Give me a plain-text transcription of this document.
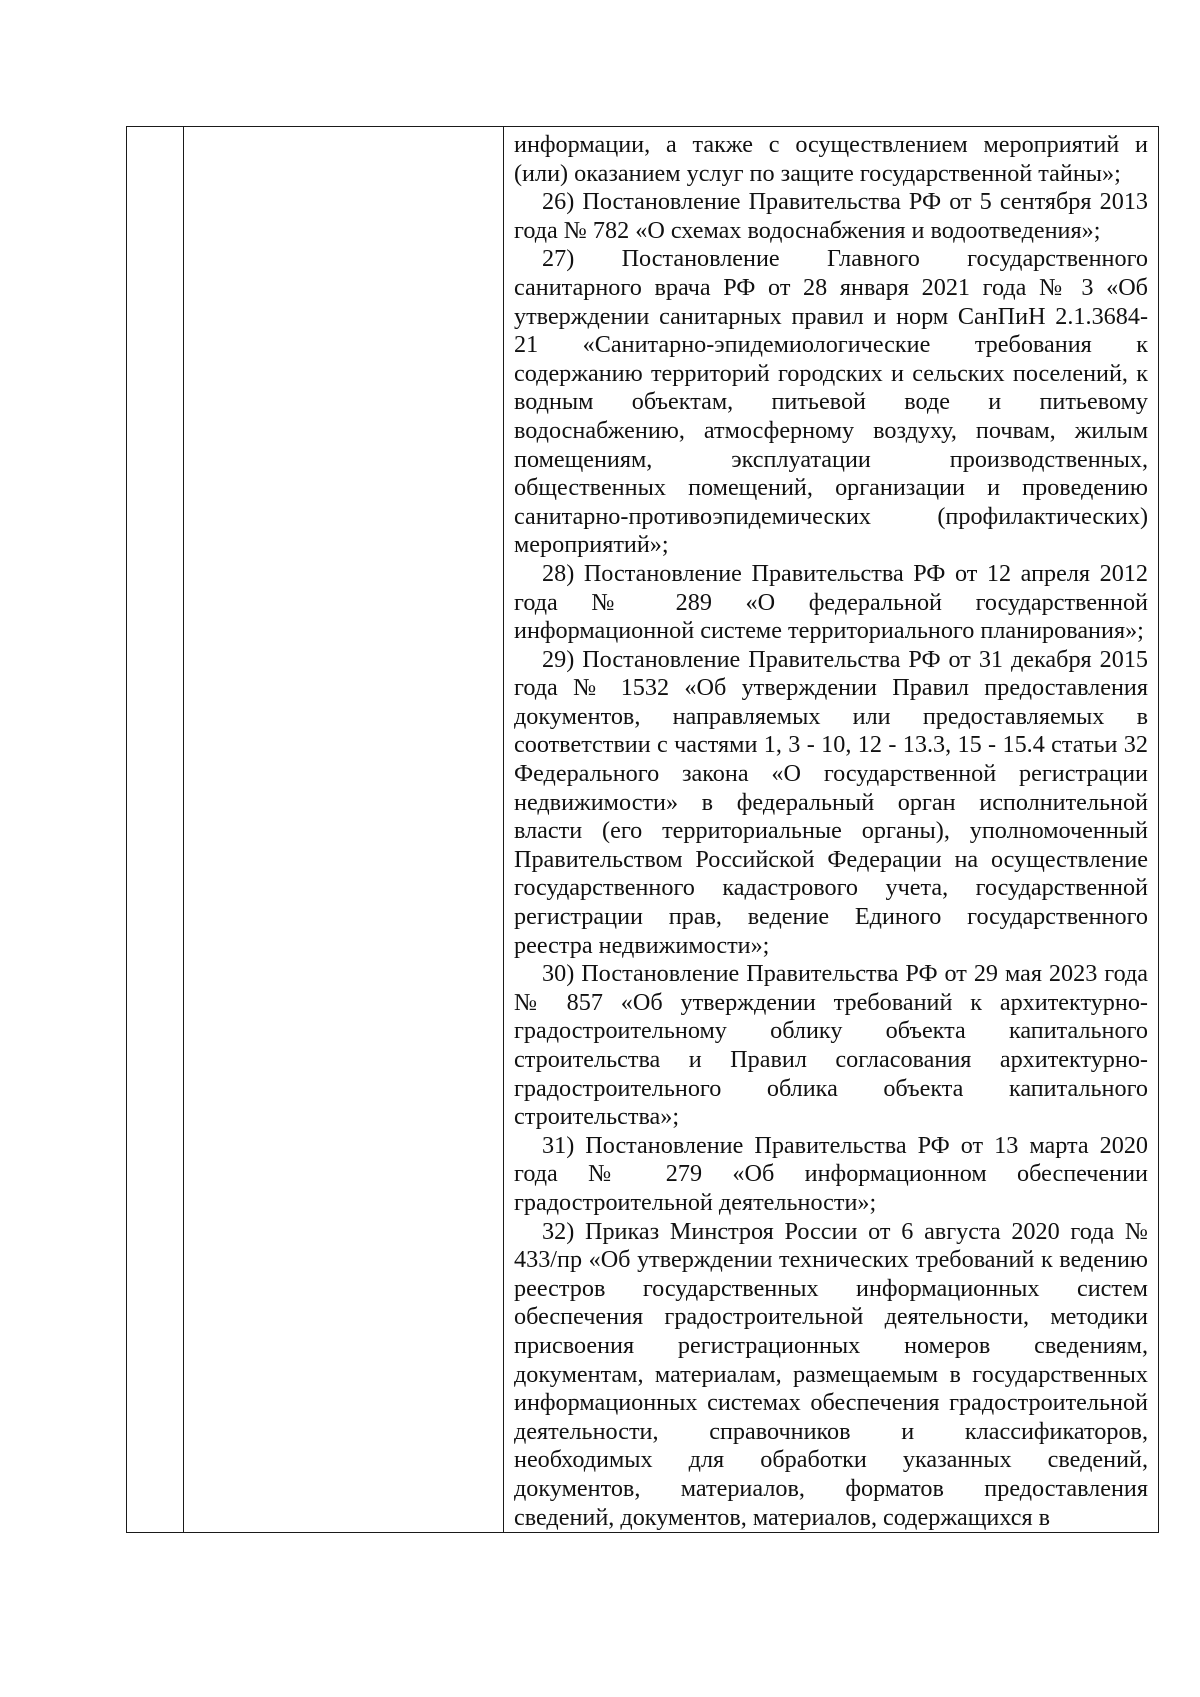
информации, а также с осуществлением мероприятий и (или) оказанием услуг по защите государственной тайны»;

26) Постановление Правительства РФ от 5 сентября 2013 года № 782 «О схемах водоснабжения и водоотведения»;

27) Постановление Главного государственного санитарного врача РФ от 28 января 2021 года № 3 «Об утверждении санитарных правил и норм СанПиН 2.1.3684-21 «Санитарно-эпидемиологические требования к содержанию территорий городских и сельских поселений, к водным объектам, питьевой воде и питьевому водоснабжению, атмосферному воздуху, почвам, жилым помещениям, эксплуатации производственных, общественных помещений, организации и проведению санитарно-противоэпидемических (профилактических) мероприятий»;

28) Постановление Правительства РФ от 12 апреля 2012 года № 289 «О федеральной государственной информационной системе территориального планирования»;

29) Постановление Правительства РФ от 31 декабря 2015 года № 1532 «Об утверждении Правил предоставления документов, направляемых или предоставляемых в соответствии с частями 1, 3 - 10, 12 - 13.3, 15 - 15.4 статьи 32 Федерального закона «О государственной регистрации недвижимости» в федеральный орган исполнительной власти (его территориальные органы), уполномоченный Правительством Российской Федерации на осуществление государственного кадастрового учета, государственной регистрации прав, ведение Единого государственного реестра недвижимости»;

30) Постановление Правительства РФ от 29 мая 2023 года № 857 «Об утверждении требований к архитектурно-градостроительному облику объекта капитального строительства и Правил согласования архитектурно-градостроительного облика объекта капитального строительства»;

31) Постановление Правительства РФ от 13 марта 2020 года № 279 «Об информационном обеспечении градостроительной деятельности»;

32) Приказ Минстроя России от 6 августа 2020 года № 433/пр «Об утверждении технических требований к ведению реестров государственных информационных систем обеспечения градостроительной деятельности, методики присвоения регистрационных номеров сведениям, документам, материалам, размещаемым в государственных информационных системах обеспечения градостроительной деятельности, справочников и классификаторов, необходимых для обработки указанных сведений, документов, материалов, форматов предоставления сведений, документов, материалов, содержащихся в
